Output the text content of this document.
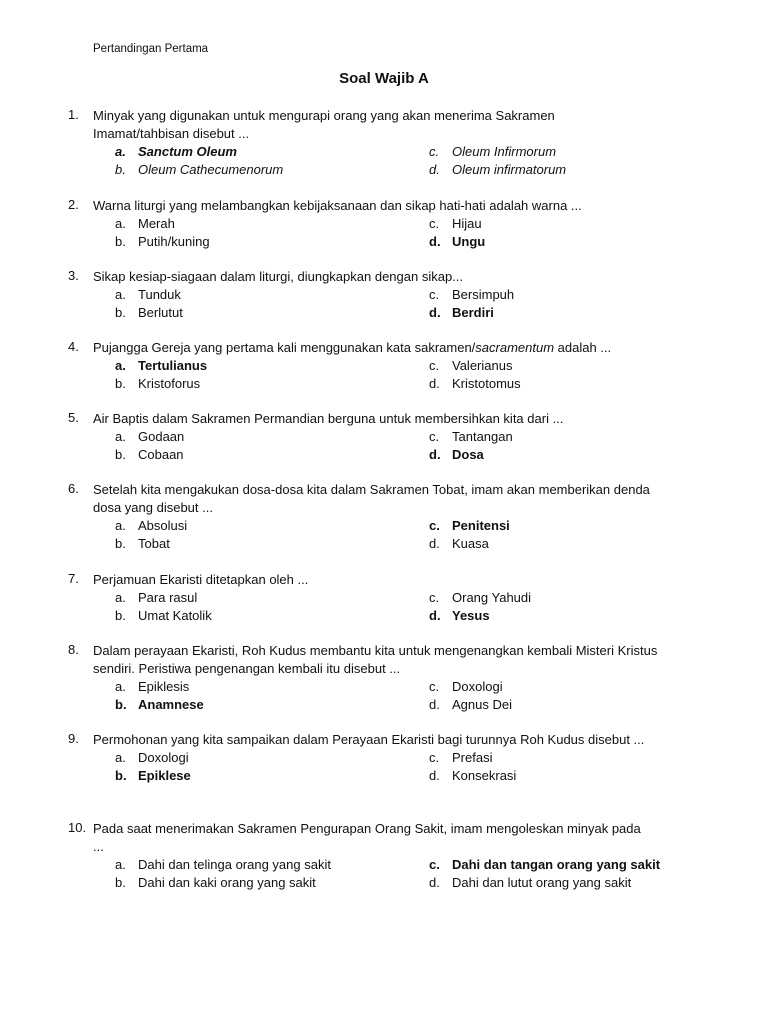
Pertandingan Pertama
Soal Wajib A
1.	Minyak yang digunakan untuk mengurapi orang yang akan menerima Sakramen Imamat/tahbisan disebut ...
a. Sanctum Oleum
b. Oleum Cathecumenorum
c. Oleum Infirmorum
d. Oleum infirmatorum
2.	Warna liturgi yang melambangkan kebijaksanaan dan sikap hati-hati adalah warna ...
a. Merah
b. Putih/kuning
c. Hijau
d. Ungu
3.	Sikap kesiap-siagaan dalam liturgi, diungkapkan dengan sikap...
a. Tunduk
b. Berlutut
c. Bersimpuh
d. Berdiri
4.	Pujangga Gereja yang pertama kali menggunakan kata sakramen/sacramentum adalah ...
a. Tertulianus
b. Kristoforus
c. Valerianus
d. Kristotomus
5.	Air Baptis dalam Sakramen Permandian berguna untuk membersihkan kita dari ...
a. Godaan
b. Cobaan
c. Tantangan
d. Dosa
6.	Setelah kita mengakukan dosa-dosa kita dalam Sakramen Tobat, imam akan memberikan denda dosa yang disebut ...
a. Absolusi
b. Tobat
c. Penitensi
d. Kuasa
7.	Perjamuan Ekaristi ditetapkan oleh ...
a. Para rasul
b. Umat Katolik
c. Orang Yahudi
d. Yesus
8.	Dalam perayaan Ekaristi, Roh Kudus membantu kita untuk mengenangkan kembali Misteri Kristus sendiri. Peristiwa pengenangan kembali itu disebut ...
a. Epiklesis
b. Anamnese
c. Doxologi
d. Agnus Dei
9.	Permohonan yang kita sampaikan dalam Perayaan Ekaristi bagi turunnya Roh Kudus disebut ...
a. Doxologi
b. Epiklese
c. Prefasi
d. Konsekrasi
10. Pada saat menerimakan Sakramen Pengurapan Orang Sakit, imam mengoleskan minyak pada ...
a. Dahi dan telinga orang yang sakit
b. Dahi dan kaki orang yang sakit
c. Dahi dan tangan orang yang sakit
d. Dahi dan lutut orang yang sakit
